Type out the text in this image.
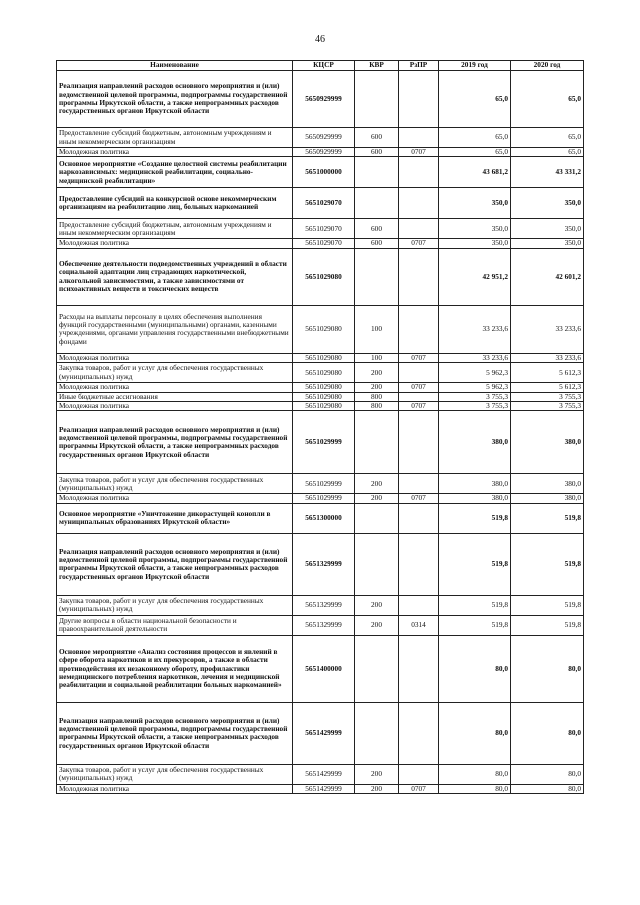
46
Наименование	КЦСР	КВР	РзПР	2019 год	2020 год
Реализация направлений расходов основного мероприятия и (или) ведомственной целевой программы, подпрограммы государственной программы Иркутской области, а также непрограммных расходов государственных органов Иркутской области	5650929999			65,0	65,0
Предоставление субсидий бюджетным, автономным учреждениям и иным некоммерческим организациям	5650929999	600		65,0	65,0
Молодежная политика	5650929999	600	0707	65,0	65,0
Основное мероприятие «Создание целостной системы реабилитации наркозависимых: медицинской реабилитации, социально-медицинской реабилитации»	5651000000			43 681,2	43 331,2
Предоставление субсидий на конкурсной основе некоммерческим организациям на реабилитацию лиц, больных наркоманией	5651029070			350,0	350,0
Предоставление субсидий бюджетным, автономным учреждениям и иным некоммерческим организациям	5651029070	600		350,0	350,0
Молодежная политика	5651029070	600	0707	350,0	350,0
Обеспечение деятельности подведомственных учреждений в области социальной адаптации лиц страдающих наркотической, алкогольной зависимостями, а также зависимостями от психоактивных веществ и токсических веществ	5651029080			42 951,2	42 601,2
Расходы на выплаты персоналу в целях обеспечения выполнения функций государственными (муниципальными) органами, казенными учреждениями, органами управления государственными внебюджетными фондами	5651029080	100		33 233,6	33 233,6
Молодежная политика	5651029080	100	0707	33 233,6	33 233,6
Закупка товаров, работ и услуг для обеспечения государственных (муниципальных) нужд	5651029080	200		5 962,3	5 612,3
Молодежная политика	5651029080	200	0707	5 962,3	5 612,3
Иные бюджетные ассигнования	5651029080	800		3 755,3	3 755,3
Молодежная политика	5651029080	800	0707	3 755,3	3 755,3
Реализация направлений расходов основного мероприятия и (или) ведомственной целевой программы, подпрограммы государственной программы Иркутской области, а также непрограммных расходов государственных органов Иркутской области	5651029999			380,0	380,0
Закупка товаров, работ и услуг для обеспечения государственных (муниципальных) нужд	5651029999	200		380,0	380,0
Молодежная политика	5651029999	200	0707	380,0	380,0
Основное мероприятие «Уничтожение дикорастущей конопли в муниципальных образованиях Иркутской области»	5651300000			519,8	519,8
Реализация направлений расходов основного мероприятия и (или) ведомственной целевой программы, подпрограммы государственной программы Иркутской области, а также непрограммных расходов государственных органов Иркутской области	5651329999			519,8	519,8
Закупка товаров, работ и услуг для обеспечения государственных (муниципальных) нужд	5651329999	200		519,8	519,8
Другие вопросы в области национальной безопасности и правоохранительной деятельности	5651329999	200	0314	519,8	519,8
Основное мероприятие «Анализ состояния процессов и явлений в сфере оборота наркотиков и их прекурсоров, а также в области противодействия их незаконному обороту, профилактики немедицинского потребления наркотиков, лечения и медицинской реабилитации и социальной реабилитации больных наркоманией»	5651400000			80,0	80,0
Реализация направлений расходов основного мероприятия и (или) ведомственной целевой программы, подпрограммы государственной программы Иркутской области, а также непрограммных расходов государственных органов Иркутской области	5651429999			80,0	80,0
Закупка товаров, работ и услуг для обеспечения государственных (муниципальных) нужд	5651429999	200		80,0	80,0
Молодежная политика	5651429999	200	0707	80,0	80,0
